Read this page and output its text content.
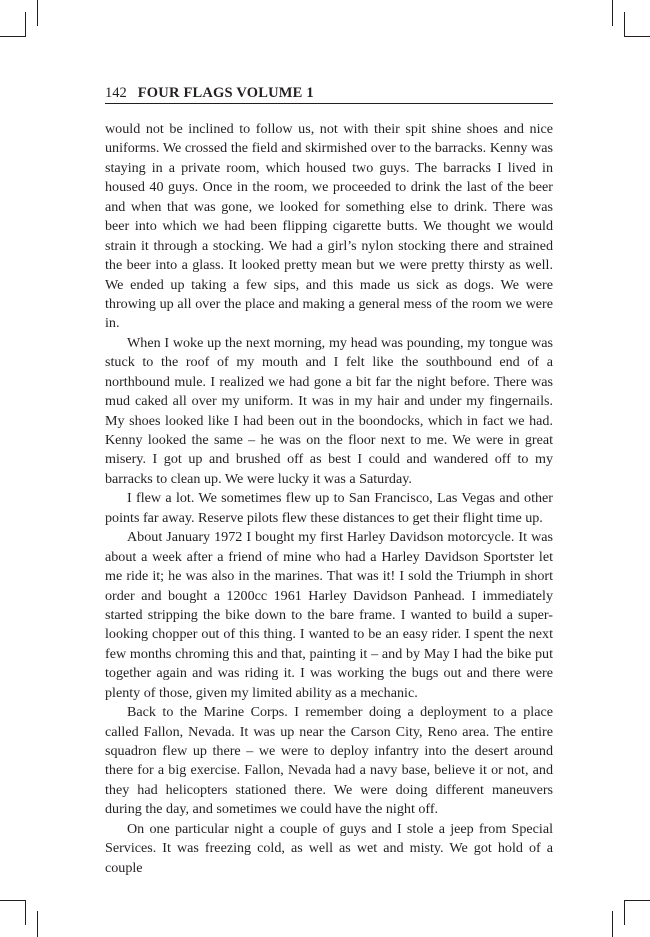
142 FOUR FLAGS VOLUME 1

would not be inclined to follow us, not with their spit shine shoes and nice uniforms. We crossed the field and skirmished over to the barracks. Kenny was staying in a private room, which housed two guys. The barracks I lived in housed 40 guys. Once in the room, we proceeded to drink the last of the beer and when that was gone, we looked for something else to drink. There was beer into which we had been flipping cigarette butts. We thought we would strain it through a stocking. We had a girl’s nylon stocking there and strained the beer into a glass. It looked pretty mean but we were pretty thirsty as well. We ended up taking a few sips, and this made us sick as dogs. We were throwing up all over the place and making a general mess of the room we were in.

When I woke up the next morning, my head was pounding, my tongue was stuck to the roof of my mouth and I felt like the southbound end of a northbound mule. I realized we had gone a bit far the night before. There was mud caked all over my uniform. It was in my hair and under my fingernails. My shoes looked like I had been out in the boondocks, which in fact we had. Kenny looked the same – he was on the floor next to me. We were in great misery. I got up and brushed off as best I could and wandered off to my barracks to clean up. We were lucky it was a Saturday.

I flew a lot. We sometimes flew up to San Francisco, Las Vegas and other points far away. Reserve pilots flew these distances to get their flight time up.

About January 1972 I bought my first Harley Davidson motorcycle. It was about a week after a friend of mine who had a Harley Davidson Sportster let me ride it; he was also in the marines. That was it! I sold the Triumph in short order and bought a 1200cc 1961 Harley Davidson Panhead. I immediately started stripping the bike down to the bare frame. I wanted to build a super-looking chopper out of this thing. I wanted to be an easy rider. I spent the next few months chroming this and that, painting it – and by May I had the bike put together again and was riding it. I was working the bugs out and there were plenty of those, given my limited ability as a mechanic.

Back to the Marine Corps. I remember doing a deployment to a place called Fallon, Nevada. It was up near the Carson City, Reno area. The entire squadron flew up there – we were to deploy infantry into the desert around there for a big exercise. Fallon, Nevada had a navy base, believe it or not, and they had helicopters stationed there. We were doing different maneuvers during the day, and sometimes we could have the night off.

On one particular night a couple of guys and I stole a jeep from Special Services. It was freezing cold, as well as wet and misty. We got hold of a couple
